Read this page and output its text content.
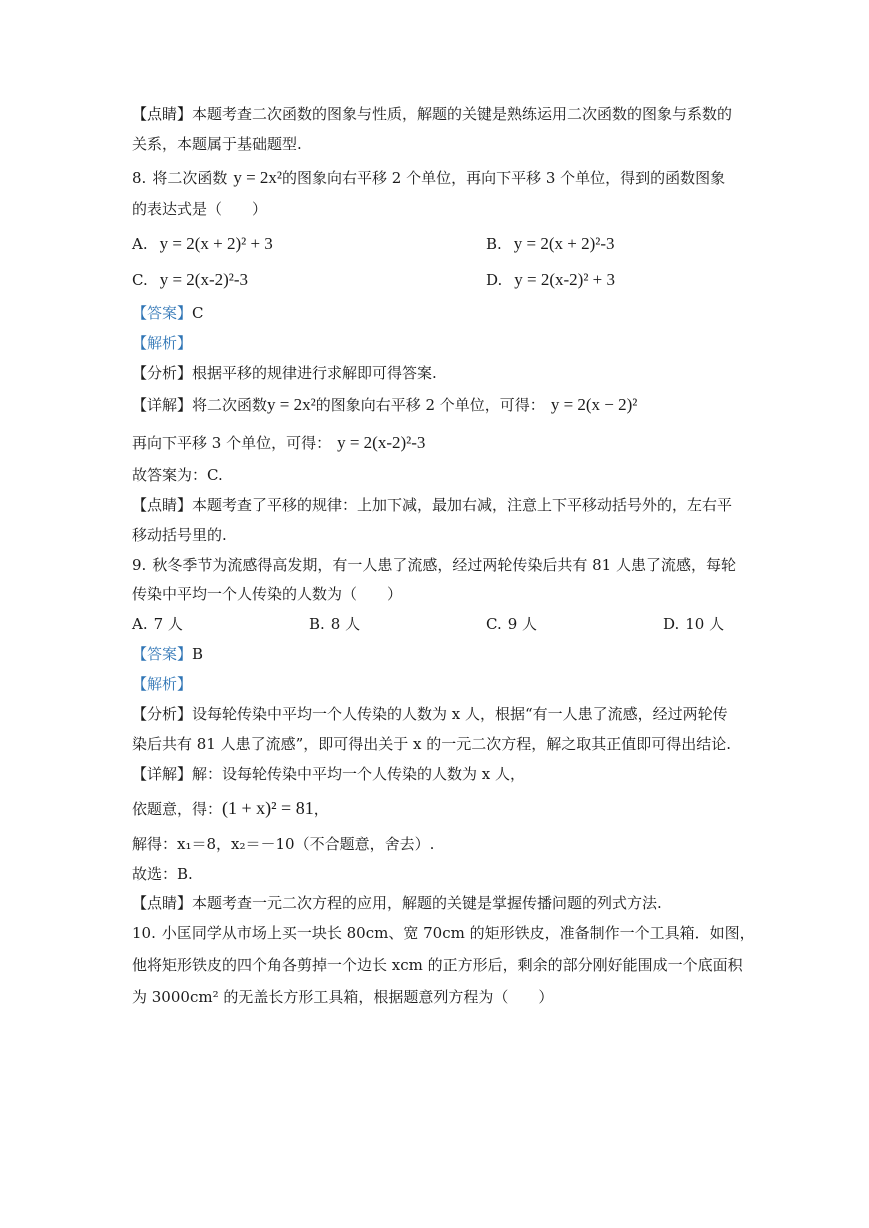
【点睛】本题考查二次函数的图象与性质，解题的关键是熟练运用二次函数的图象与系数的
关系，本题属于基础题型.
8. 将二次函数 y = 2x²的图象向右平移 2 个单位，再向下平移 3 个单位，得到的函数图象
的表达式是（　　）
A. y = 2(x + 2)² + 3	B. y = 2(x + 2)²-3
C. y = 2(x-2)²-3	D. y = 2(x-2)² + 3
【答案】C
【解析】
【分析】根据平移的规律进行求解即可得答案.
【详解】将二次函数y = 2x²的图象向右平移 2 个单位，可得： y = 2(x − 2)²
再向下平移 3 个单位，可得： y = 2(x-2)²-3
故答案为：C.
【点睛】本题考查了平移的规律：上加下减，最加右减，注意上下平移动括号外的，左右平
移动括号里的.
9. 秋冬季节为流感得高发期，有一人患了流感，经过两轮传染后共有 81 人患了流感，每轮
传染中平均一个人传染的人数为（　　）
A. 7 人	B. 8 人	C. 9 人	D. 10 人
【答案】B
【解析】
【分析】设每轮传染中平均一个人传染的人数为 x 人，根据“有一人患了流感，经过两轮传
染后共有 81 人患了流感”，即可得出关于 x 的一元二次方程，解之取其正值即可得出结论.
【详解】解：设每轮传染中平均一个人传染的人数为 x 人，
依题意，得：(1 + x)² = 81，
解得：x₁＝8，x₂＝－10（不合题意，舍去）.
故选：B.
【点睛】本题考查一元二次方程的应用，解题的关键是掌握传播问题的列式方法.
10. 小匡同学从市场上买一块长 80cm、宽 70cm 的矩形铁皮，准备制作一个工具箱．如图，
他将矩形铁皮的四个角各剪掉一个边长 xcm 的正方形后，剩余的部分刚好能围成一个底面积
为 3000cm² 的无盖长方形工具箱，根据题意列方程为（　　）
